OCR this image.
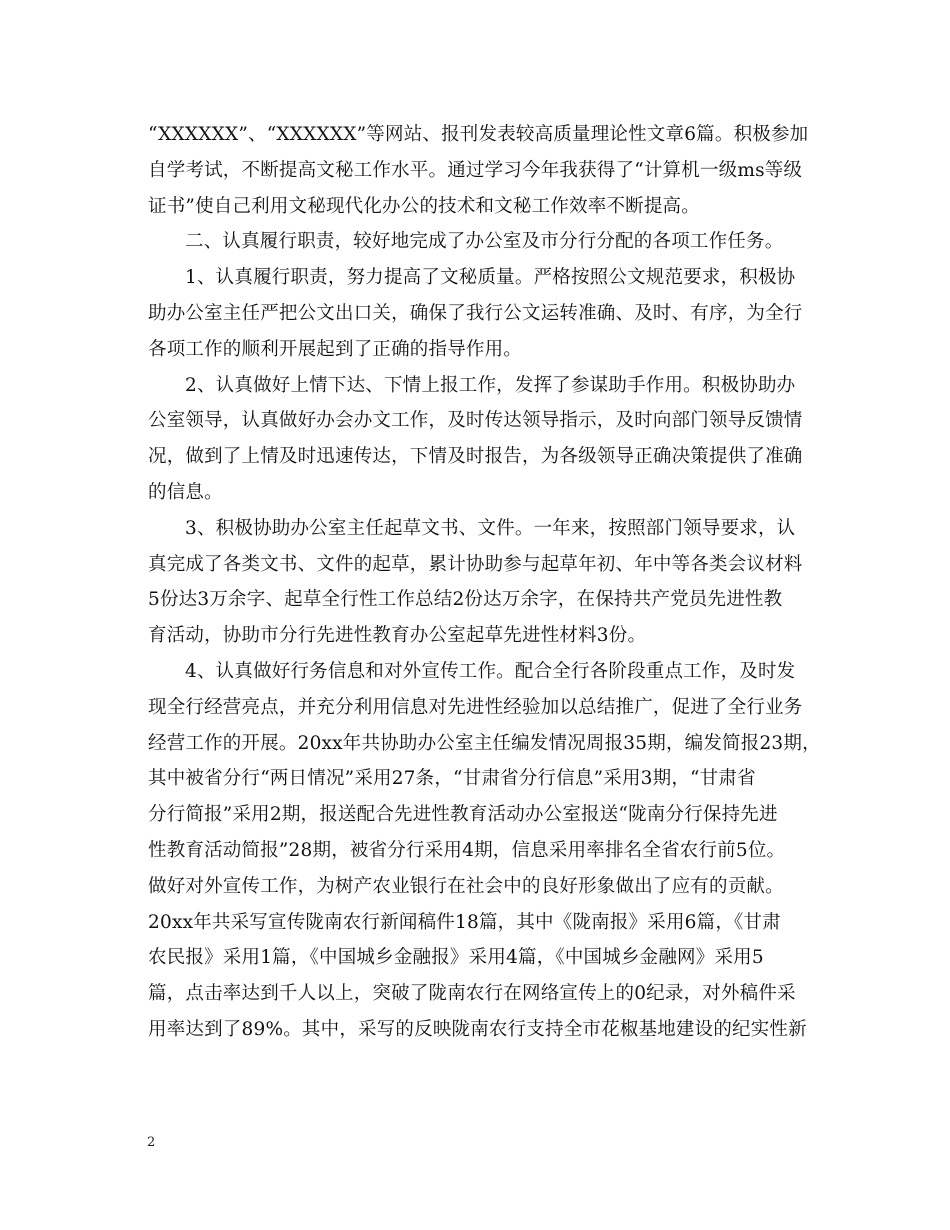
“XXXXXX”、“XXXXXX”等网站、报刊发表较高质量理论性文章6篇。积极参加
自学考试，不断提高文秘工作水平。通过学习今年我获得了“计算机一级ms等级
证书”使自己利用文秘现代化办公的技术和文秘工作效率不断提高。
二、认真履行职责，较好地完成了办公室及市分行分配的各项工作任务。
1、认真履行职责，努力提高了文秘质量。严格按照公文规范要求，积极协
助办公室主任严把公文出口关，确保了我行公文运转准确、及时、有序，为全行
各项工作的顺利开展起到了正确的指导作用。
2、认真做好上情下达、下情上报工作，发挥了参谋助手作用。积极协助办
公室领导，认真做好办会办文工作，及时传达领导指示，及时向部门领导反馈情
况，做到了上情及时迅速传达，下情及时报告，为各级领导正确决策提供了准确
的信息。
3、积极协助办公室主任起草文书、文件。一年来，按照部门领导要求，认
真完成了各类文书、文件的起草，累计协助参与起草年初、年中等各类会议材料
5份达3万余字、起草全行性工作总结2份达万余字，在保持共产党员先进性教
育活动，协助市分行先进性教育办公室起草先进性材料3份。
4、认真做好行务信息和对外宣传工作。配合全行各阶段重点工作，及时发
现全行经营亮点，并充分利用信息对先进性经验加以总结推广，促进了全行业务
经营工作的开展。20xx年共协助办公室主任编发情况周报35期，编发简报23期，
其中被省分行“两日情况”采用27条，“甘肃省分行信息”采用3期，“甘肃省
分行简报”采用2期，报送配合先进性教育活动办公室报送“陇南分行保持先进
性教育活动简报”28期，被省分行采用4期，信息采用率排名全省农行前5位。
做好对外宣传工作，为树产农业银行在社会中的良好形象做出了应有的贡献。
20xx年共采写宣传陇南农行新闻稿件18篇，其中《陇南报》采用6篇，《甘肃
农民报》采用1篇，《中国城乡金融报》采用4篇，《中国城乡金融网》采用5
篇，点击率达到千人以上，突破了陇南农行在网络宣传上的0纪录，对外稿件采
用率达到了89%。其中，采写的反映陇南农行支持全市花椒基地建设的纪实性新
2
